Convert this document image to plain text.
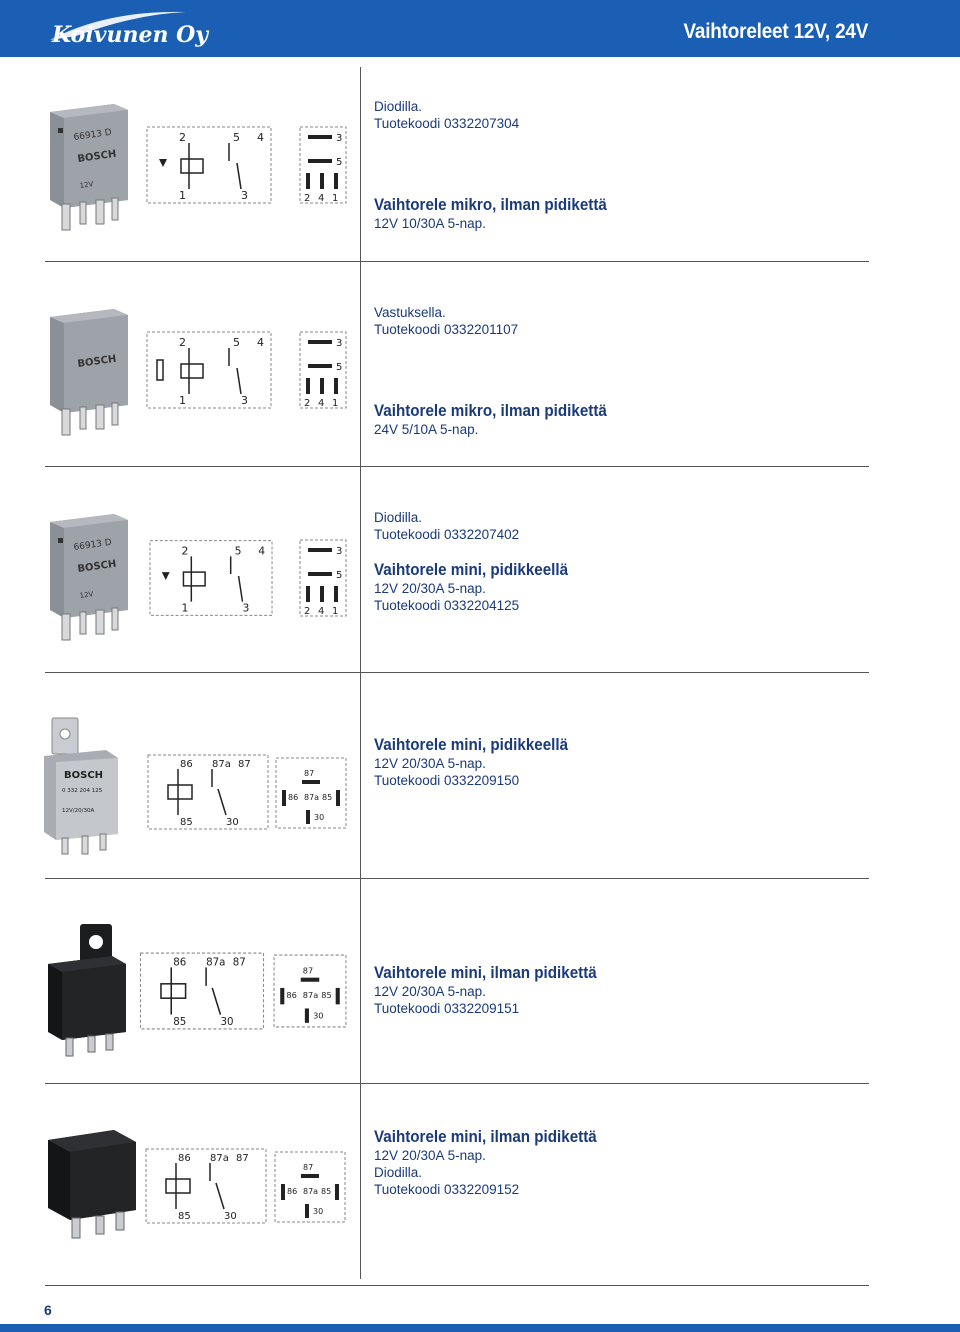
Koivunen Oy	Vaihtoreleet 12V, 24V
66913 D
BOSCH
12V
2	5 4
1	3
3
5
2 4 1
Diodilla.
Tuotekoodi 0332207304
Vaihtorele mikro, ilman pidikettä
12V 10/30A 5-nap.
BOSCH
2	5 4
1	3
3
5
2 4 1
Vastuksella.
Tuotekoodi 0332201107
Vaihtorele mikro, ilman pidikettä
24V 5/10A 5-nap.
66913 D
BOSCH
12V
2	5 4
1	3
3
5
2 4 1
Diodilla.
Tuotekoodi 0332207402
Vaihtorele mini, pidikkeellä
12V 20/30A 5-nap.
Tuotekoodi 0332204125
BOSCH
0 332 204 125
12V/20/30A
86 87a 87
85	30
87
86 87a 85
30
Vaihtorele mini, pidikkeellä
12V 20/30A 5-nap.
Tuotekoodi 0332209150
86 87a 87
85	30
87
86 87a 85
30
Vaihtorele mini, ilman pidikettä
12V 20/30A 5-nap.
Tuotekoodi 0332209151
86 87a 87
85	30
87
86 87a 85
30
Vaihtorele mini, ilman pidikettä
12V 20/30A 5-nap.
Diodilla.
Tuotekoodi 0332209152
6
